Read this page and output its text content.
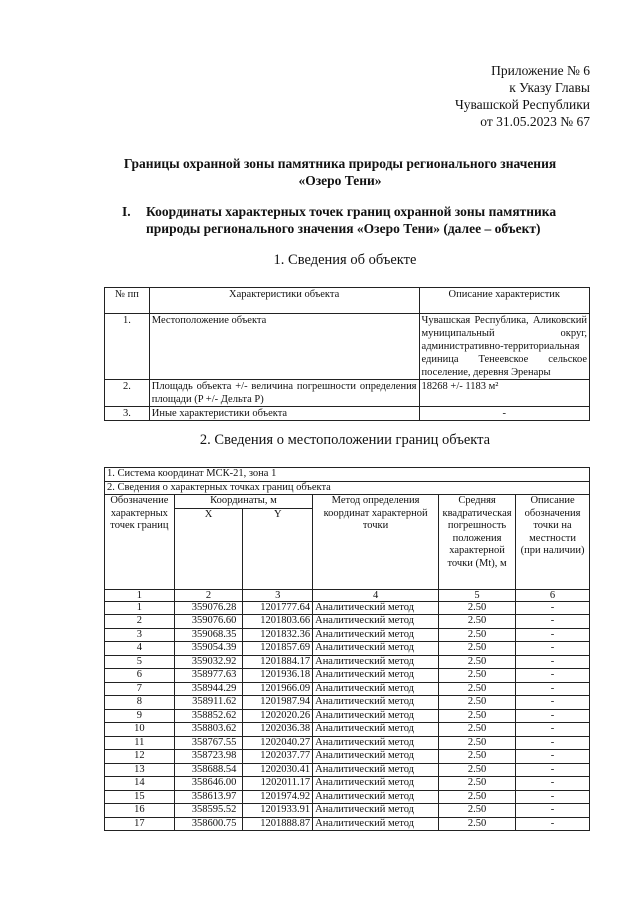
Приложение № 6
к Указу Главы
Чувашской Республики
от 31.05.2023 № 67
Границы охранной зоны памятника природы регионального значения
«Озеро Тени»
I.	Координаты характерных точек границ охранной зоны памятника природы регионального значения «Озеро Тени» (далее – объект)
1. Сведения об объекте
№ пп	Характеристики объекта	Описание характеристик
1.	Местоположение объекта	Чувашская Республика, Аликовский муниципальный округ, административно-территориальная единица Тенеевское сельское поселение, деревня Эренары
2.	Площадь объекта +/- величина погрешности определения площади (P +/- Дельта P)	18268 +/- 1183 м²
3.	Иные характеристики объекта	-
2. Сведения о местоположении границ объекта
1. Система координат МСК-21, зона 1					
2. Сведения о характерных точках границ объекта					
Обозначение характерных точек границ	Координаты, м		Метод определения координат характерной точки	Средняя квадратическая погрешность положения характерной точки (Mt), м	Описание обозначения точки на местности (при наличии)
	X	Y			
1	2	3	4	5	6
1	359076.28	1201777.64	Аналитический метод	2.50	-
2	359076.60	1201803.66	Аналитический метод	2.50	-
3	359068.35	1201832.36	Аналитический метод	2.50	-
4	359054.39	1201857.69	Аналитический метод	2.50	-
5	359032.92	1201884.17	Аналитический метод	2.50	-
6	358977.63	1201936.18	Аналитический метод	2.50	-
7	358944.29	1201966.09	Аналитический метод	2.50	-
8	358911.62	1201987.94	Аналитический метод	2.50	-
9	358852.62	1202020.26	Аналитический метод	2.50	-
10	358803.62	1202036.38	Аналитический метод	2.50	-
11	358767.55	1202040.27	Аналитический метод	2.50	-
12	358723.98	1202037.77	Аналитический метод	2.50	-
13	358688.54	1202030.41	Аналитический метод	2.50	-
14	358646.00	1202011.17	Аналитический метод	2.50	-
15	358613.97	1201974.92	Аналитический метод	2.50	-
16	358595.52	1201933.91	Аналитический метод	2.50	-
17	358600.75	1201888.87	Аналитический метод	2.50	-
